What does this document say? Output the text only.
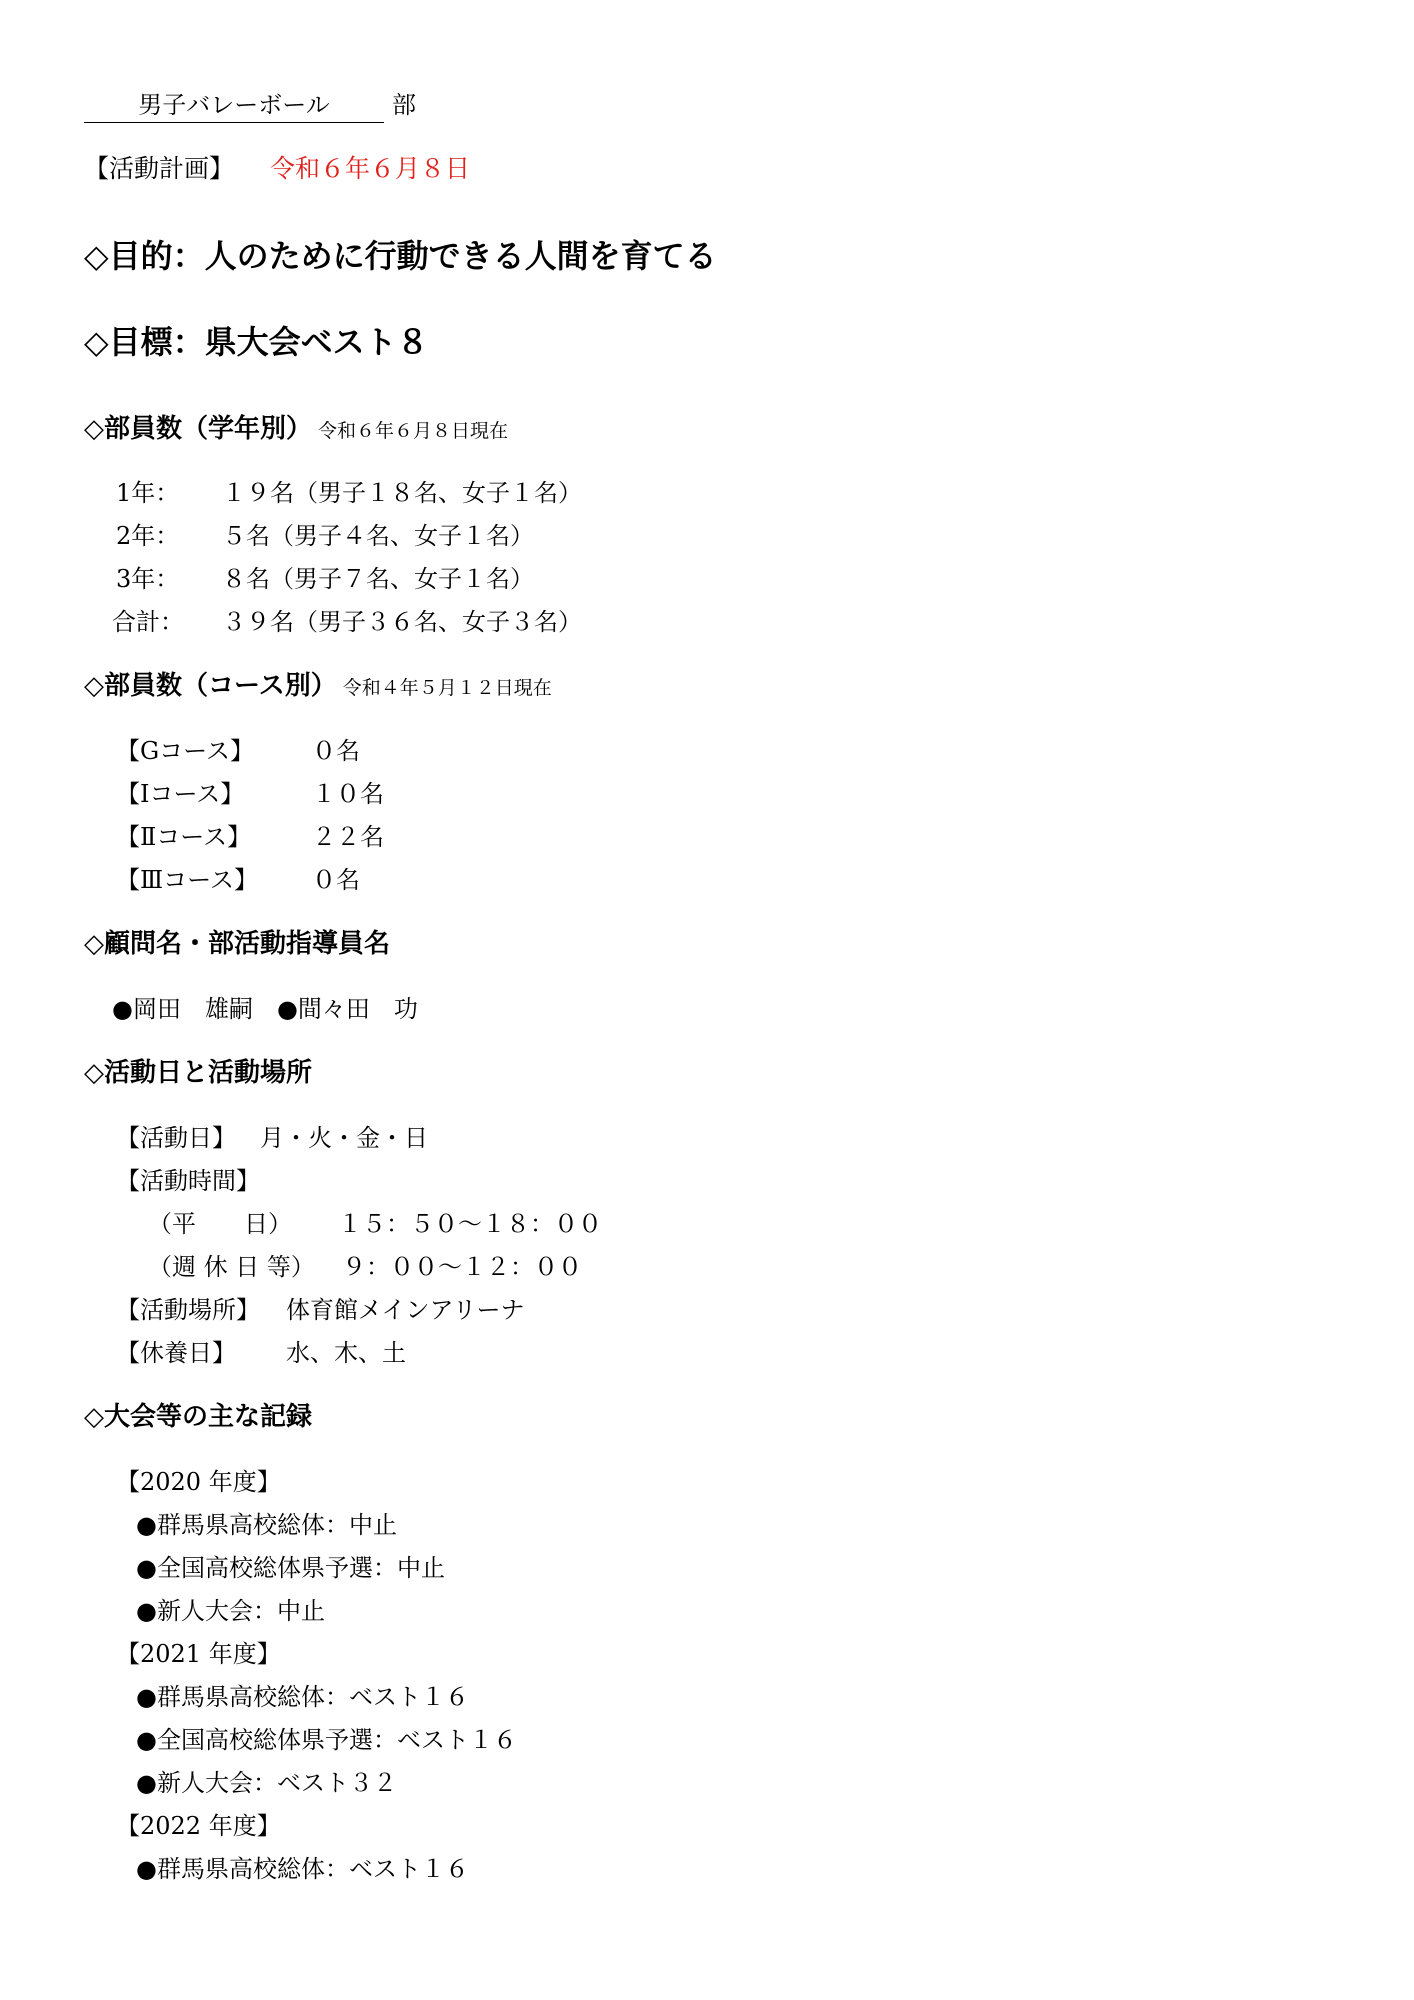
男子バレーボール	部
【活動計画】 令和６年６月８日
◇目的：人のために行動できる人間を育てる
◇目標：県大会ベスト８
◇部員数（学年別） 令和６年６月８日現在
1年： １９名（男子１８名、女子１名）
2年： ５名（男子４名、女子１名）
3年： ８名（男子７名、女子１名）
合計： ３９名（男子３６名、女子３名）
◇部員数（コース別） 令和４年５月１２日現在
【Gコース】 ０名
【Ⅰコース】	１０名
【Ⅱコース】	２２名
【Ⅲコース】 ０名
◇顧問名・部活動指導員名
●岡田　雄嗣　●間々田　功
◇活動日と活動場所
【活動日】 月・火・金・日
【活動時間】
（平　　日） １５：５０～１８：００
（週 休 日 等） ９：００～１２：００
【活動場所】 体育館メインアリーナ
【休養日】 水、木、土
◇大会等の主な記録
【2020 年度】
●群馬県高校総体：中止
●全国高校総体県予選：中止
●新人大会：中止
【2021 年度】
●群馬県高校総体：ベスト１６
●全国高校総体県予選：ベスト１６
●新人大会：ベスト３２
【2022 年度】
●群馬県高校総体：ベスト１６
